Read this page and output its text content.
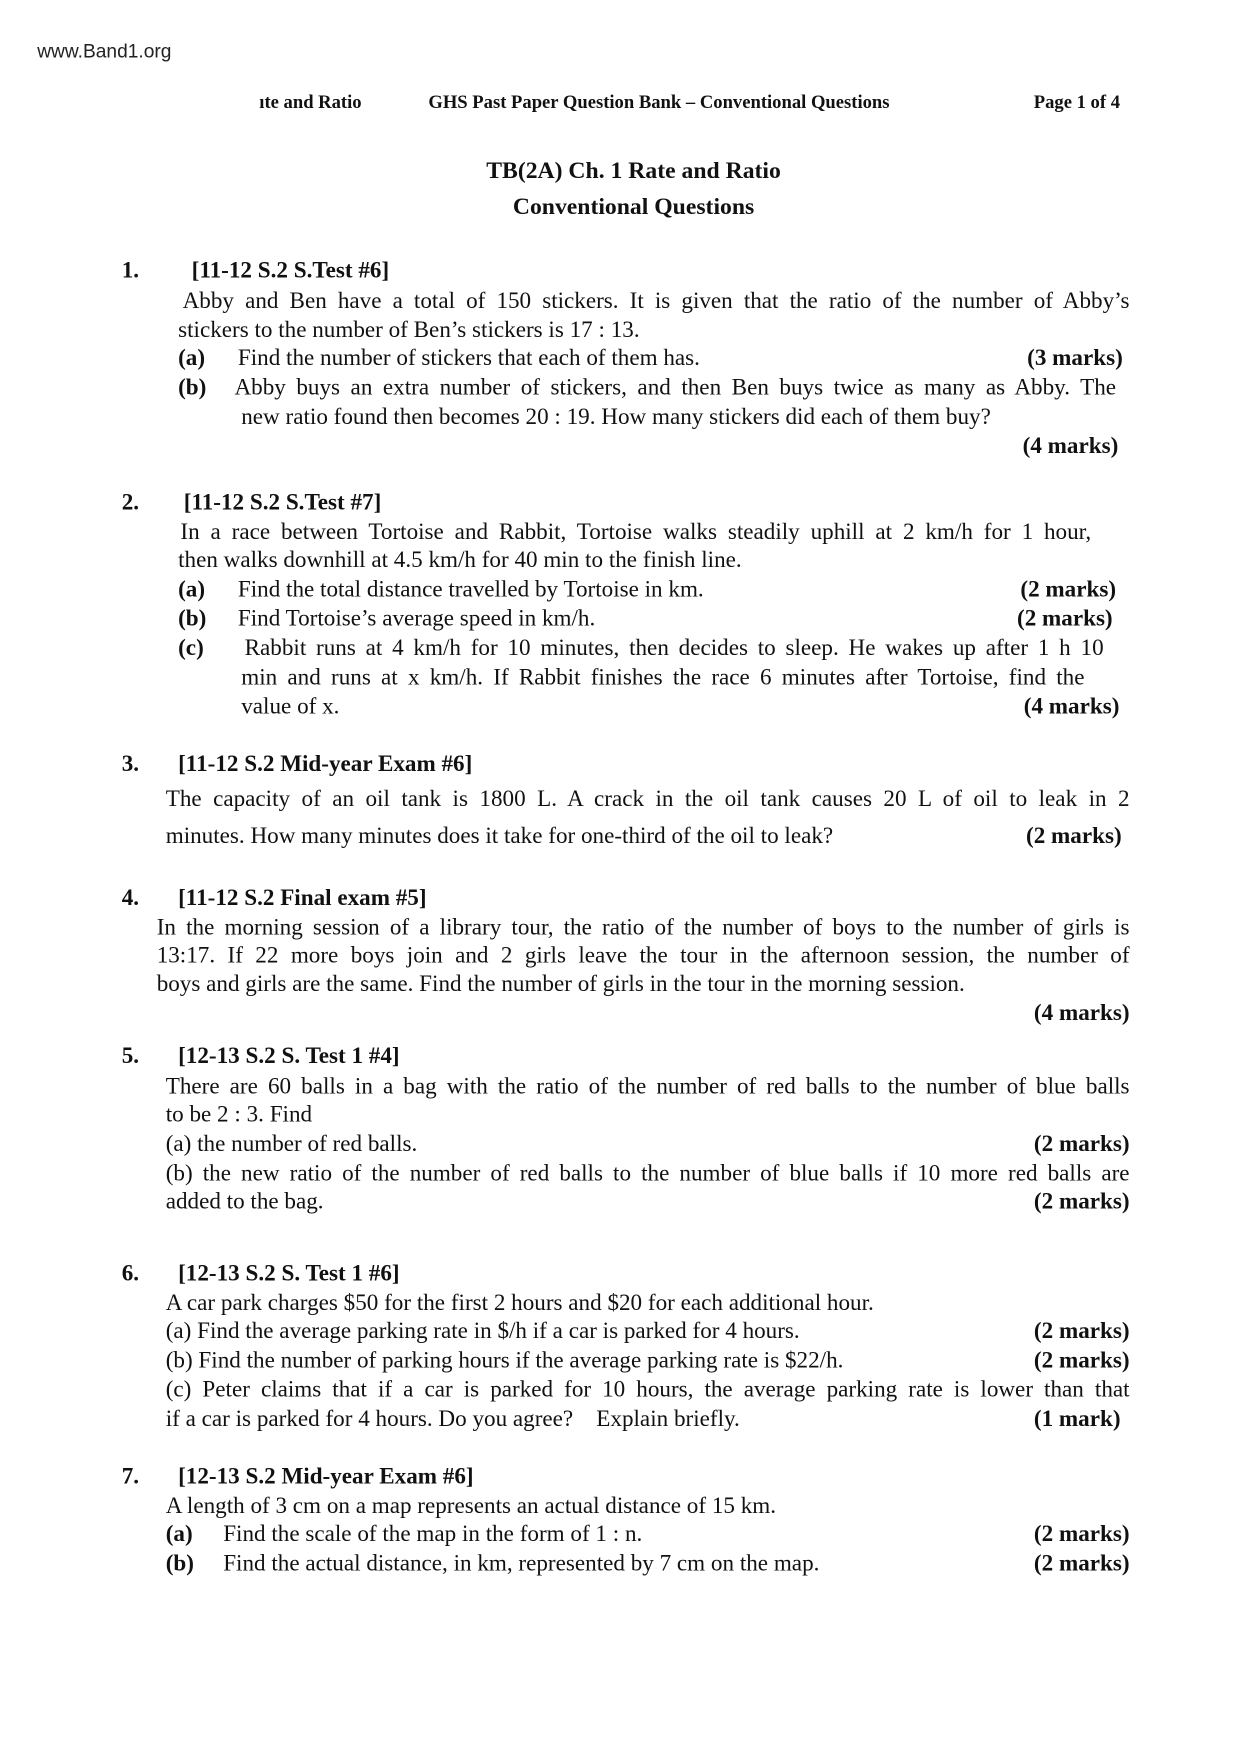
www.Band1.org
ıte and Ratio	GHS Past Paper Question Bank – Conventional Questions	Page 1 of 4
TB(2A) Ch. 1 Rate and Ratio
Conventional Questions
1.	[11-12 S.2 S.Test #6]
Abby and Ben have a total of 150 stickers. It is given that the ratio of the number of Abby’s
stickers to the number of Ben’s stickers is 17 : 13.
(a) Find the number of stickers that each of them has.	(3 marks)
(b) Abby buys an extra number of stickers, and then Ben buys twice as many as Abby. The
new ratio found then becomes 20 : 19. How many stickers did each of them buy?
(4 marks)
2. [11-12 S.2 S.Test #7]
In a race between Tortoise and Rabbit, Tortoise walks steadily uphill at 2 km/h for 1 hour,
then walks downhill at 4.5 km/h for 40 min to the finish line.
(a) Find the total distance travelled by Tortoise in km.	(2 marks)
(b) Find Tortoise’s average speed in km/h.	(2 marks)
(c) Rabbit runs at 4 km/h for 10 minutes, then decides to sleep. He wakes up after 1 h 10
min and runs at x km/h. If Rabbit finishes the race 6 minutes after Tortoise, find the
value of x.	(4 marks)
3. [11-12 S.2 Mid-year Exam #6]
The capacity of an oil tank is 1800 L. A crack in the oil tank causes 20 L of oil to leak in 2
minutes. How many minutes does it take for one-third of the oil to leak?	(2 marks)
4. [11-12 S.2 Final exam #5]
In the morning session of a library tour, the ratio of the number of boys to the number of girls is
13:17. If 22 more boys join and 2 girls leave the tour in the afternoon session, the number of
boys and girls are the same. Find the number of girls in the tour in the morning session.
(4 marks)
5. [12-13 S.2 S. Test 1 #4]
There are 60 balls in a bag with the ratio of the number of red balls to the number of blue balls
to be 2 : 3. Find
(a) the number of red balls.	(2 marks)
(b) the new ratio of the number of red balls to the number of blue balls if 10 more red balls are
added to the bag.	(2 marks)
6. [12-13 S.2 S. Test 1 #6]
A car park charges $50 for the first 2 hours and $20 for each additional hour.
(a) Find the average parking rate in $/h if a car is parked for 4 hours.	(2 marks)
(b) Find the number of parking hours if the average parking rate is $22/h.	(2 marks)
(c) Peter claims that if a car is parked for 10 hours, the average parking rate is lower than that
if a car is parked for 4 hours. Do you agree?    Explain briefly.	(1 mark)
7. [12-13 S.2 Mid-year Exam #6]
A length of 3 cm on a map represents an actual distance of 15 km.
(a) Find the scale of the map in the form of 1 : n.	(2 marks)
(b) Find the actual distance, in km, represented by 7 cm on the map.	(2 marks)
